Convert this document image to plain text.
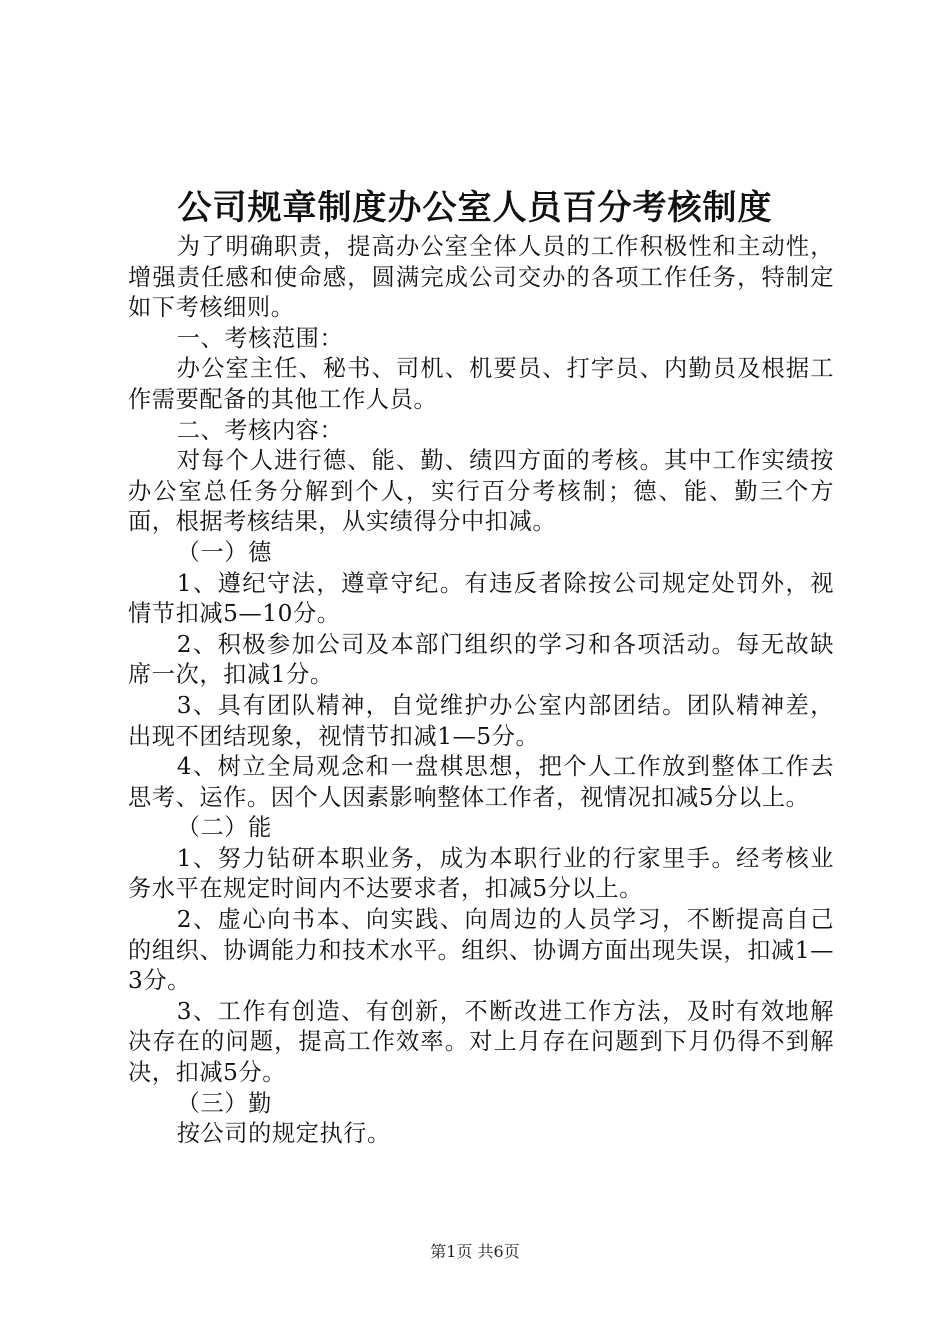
公司规章制度办公室人员百分考核制度

为了明确职责，提高办公室全体人员的工作积极性和主动性，增强责任感和使命感，圆满完成公司交办的各项工作任务，特制定如下考核细则。

一、考核范围：

办公室主任、秘书、司机、机要员、打字员、内勤员及根据工作需要配备的其他工作人员。

二、考核内容：

对每个人进行德、能、勤、绩四方面的考核。其中工作实绩按办公室总任务分解到个人，实行百分考核制；德、能、勤三个方面，根据考核结果，从实绩得分中扣减。

（一）德

1、遵纪守法，遵章守纪。有违反者除按公司规定处罚外，视情节扣减5—10分。

2、积极参加公司及本部门组织的学习和各项活动。每无故缺席一次，扣减1分。

3、具有团队精神，自觉维护办公室内部团结。团队精神差，出现不团结现象，视情节扣减1—5分。

4、树立全局观念和一盘棋思想，把个人工作放到整体工作去思考、运作。因个人因素影响整体工作者，视情况扣减5分以上。

（二）能

1、努力钻研本职业务，成为本职行业的行家里手。经考核业务水平在规定时间内不达要求者，扣减5分以上。

2、虚心向书本、向实践、向周边的人员学习，不断提高自己的组织、协调能力和技术水平。组织、协调方面出现失误，扣减1—3分。

3、工作有创造、有创新，不断改进工作方法，及时有效地解决存在的问题，提高工作效率。对上月存在问题到下月仍得不到解决，扣减5分。

（三）勤

按公司的规定执行。

第1页 共6页
